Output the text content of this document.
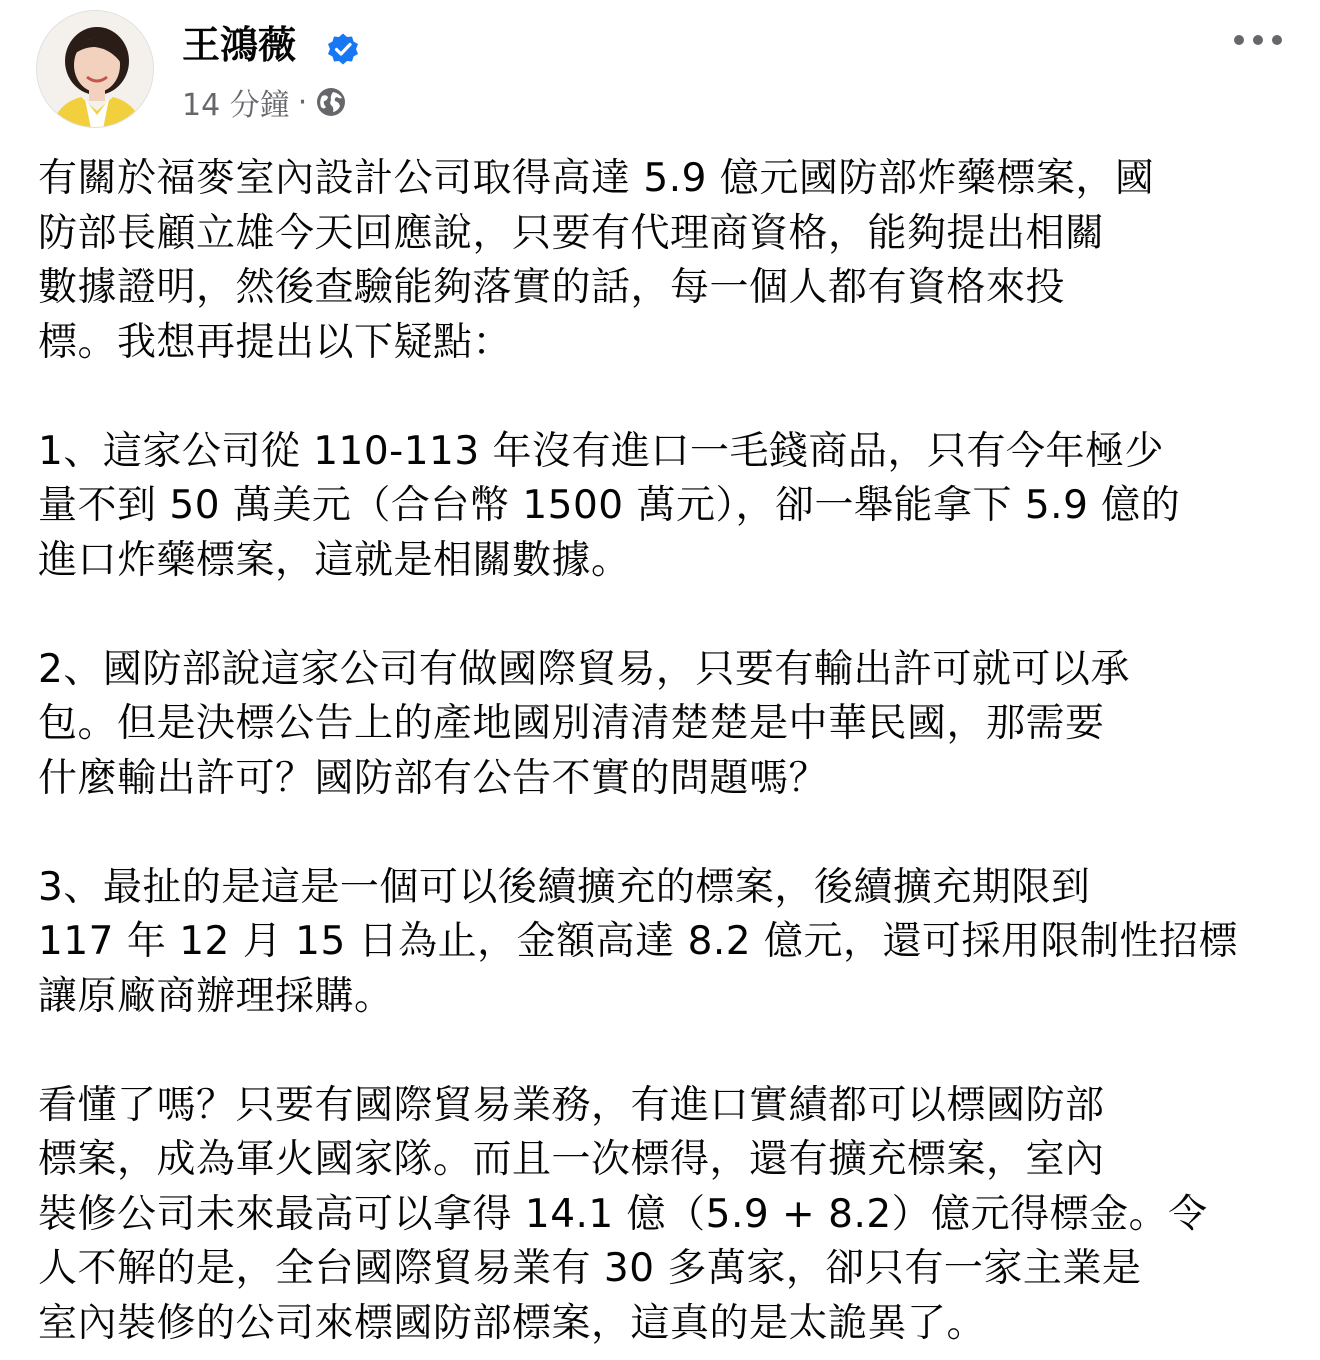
王鴻薇
14 分鐘 ·

有關於福麥室內設計公司取得高達 5.9 億元國防部炸藥標案，國
防部長顧立雄今天回應說，只要有代理商資格，能夠提出相關
數據證明，然後查驗能夠落實的話，每一個人都有資格來投
標。我想再提出以下疑點：

1、這家公司從 110-113 年沒有進口一毛錢商品，只有今年極少
量不到 50 萬美元（合台幣 1500 萬元），卻一舉能拿下 5.9 億的
進口炸藥標案，這就是相關數據。

2、國防部說這家公司有做國際貿易，只要有輸出許可就可以承
包。但是決標公告上的產地國別清清楚楚是中華民國，那需要
什麼輸出許可？國防部有公告不實的問題嗎？

3、最扯的是這是一個可以後續擴充的標案，後續擴充期限到
117 年 12 月 15 日為止，金額高達 8.2 億元，還可採用限制性招標
讓原廠商辦理採購。

看懂了嗎？只要有國際貿易業務，有進口實績都可以標國防部
標案，成為軍火國家隊。而且一次標得，還有擴充標案，室內
裝修公司未來最高可以拿得 14.1 億（5.9 + 8.2）億元得標金。令
人不解的是，全台國際貿易業有 30 多萬家，卻只有一家主業是
室內裝修的公司來標國防部標案，這真的是太詭異了。
